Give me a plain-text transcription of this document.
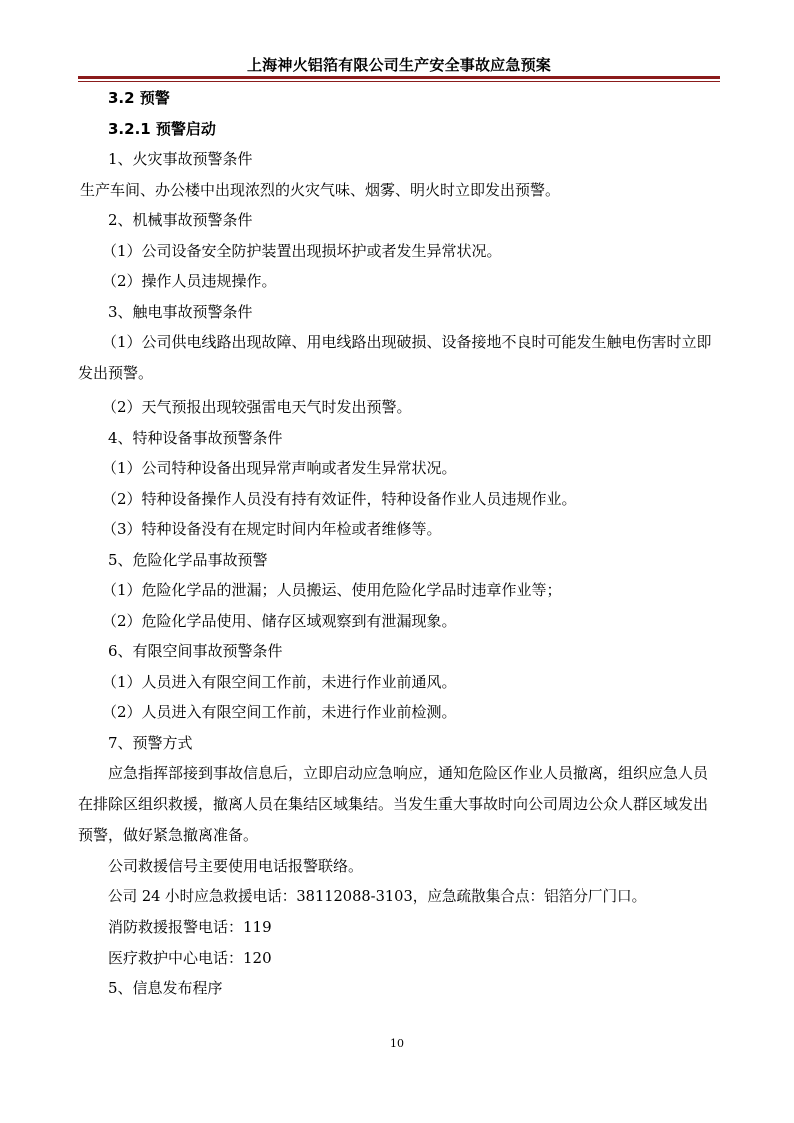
上海神火铝箔有限公司生产安全事故应急预案
3.2 预警
3.2.1 预警启动
1、火灾事故预警条件
生产车间、办公楼中出现浓烈的火灾气味、烟雾、明火时立即发出预警。
2、机械事故预警条件
（1）公司设备安全防护装置出现损坏护或者发生异常状况。
（2）操作人员违规操作。
3、触电事故预警条件
（1）公司供电线路出现故障、用电线路出现破损、设备接地不良时可能发生触电伤害时立即发出预警。
（2）天气预报出现较强雷电天气时发出预警。
4、特种设备事故预警条件
（1）公司特种设备出现异常声响或者发生异常状况。
（2）特种设备操作人员没有持有效证件，特种设备作业人员违规作业。
（3）特种设备没有在规定时间内年检或者维修等。
5、危险化学品事故预警
（1）危险化学品的泄漏；人员搬运、使用危险化学品时违章作业等；
（2）危险化学品使用、储存区域观察到有泄漏现象。
6、有限空间事故预警条件
（1）人员进入有限空间工作前，未进行作业前通风。
（2）人员进入有限空间工作前，未进行作业前检测。
7、预警方式
应急指挥部接到事故信息后，立即启动应急响应，通知危险区作业人员撤离，组织应急人员在排除区组织救援，撤离人员在集结区域集结。当发生重大事故时向公司周边公众人群区域发出预警，做好紧急撤离准备。
公司救援信号主要使用电话报警联络。
公司 24 小时应急救援电话：38112088-3103，应急疏散集合点：铝箔分厂门口。
消防救援报警电话：119
医疗救护中心电话：120
5、信息发布程序
10
